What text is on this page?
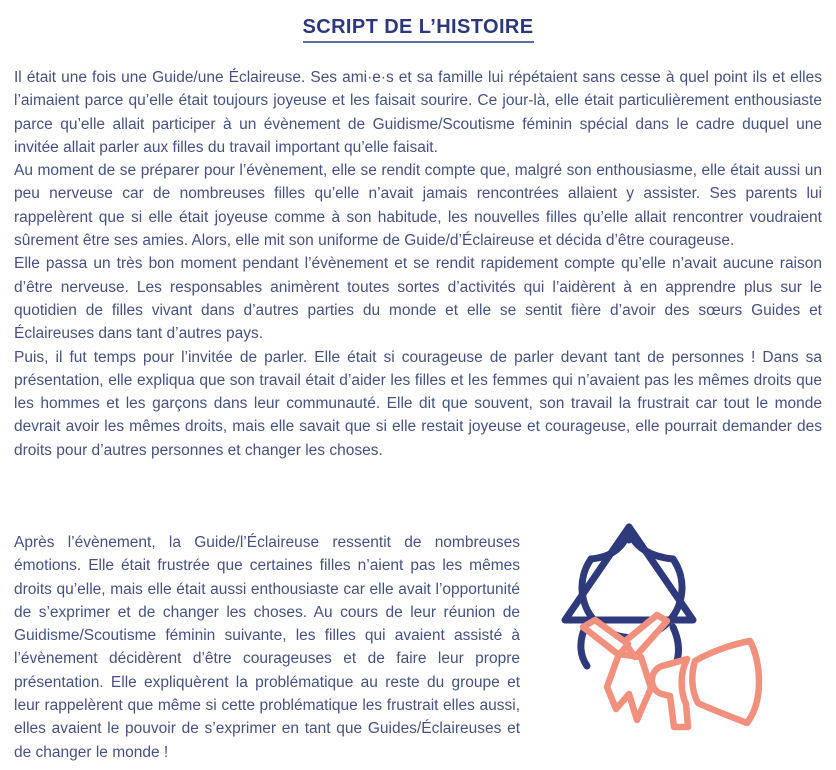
SCRIPT DE L’HISTOIRE

Il était une fois une Guide/une Éclaireuse. Ses ami·e·s et sa famille lui répétaient sans cesse à quel point ils et elles l’aimaient parce qu’elle était toujours joyeuse et les faisait sourire. Ce jour-là, elle était particulièrement enthousiaste parce qu’elle allait participer à un évènement de Guidisme/Scoutisme féminin spécial dans le cadre duquel une invitée allait parler aux filles du travail important qu’elle faisait.

Au moment de se préparer pour l’évènement, elle se rendit compte que, malgré son enthousiasme, elle était aussi un peu nerveuse car de nombreuses filles qu’elle n’avait jamais rencontrées allaient y assister. Ses parents lui rappelèrent que si elle était joyeuse comme à son habitude, les nouvelles filles qu’elle allait rencontrer voudraient sûrement être ses amies. Alors, elle mit son uniforme de Guide/d’Éclaireuse et décida d’être courageuse.

Elle passa un très bon moment pendant l’évènement et se rendit rapidement compte qu’elle n’avait aucune raison d’être nerveuse. Les responsables animèrent toutes sortes d’activités qui l’aidèrent à en apprendre plus sur le quotidien de filles vivant dans d’autres parties du monde et elle se sentit fière d’avoir des sœurs Guides et Éclaireuses dans tant d’autres pays.

Puis, il fut temps pour l’invitée de parler. Elle était si courageuse de parler devant tant de personnes ! Dans sa présentation, elle expliqua que son travail était d’aider les filles et les femmes qui n’avaient pas les mêmes droits que les hommes et les garçons dans leur communauté. Elle dit que souvent, son travail la frustrait car tout le monde devrait avoir les mêmes droits, mais elle savait que si elle restait joyeuse et courageuse, elle pourrait demander des droits pour d’autres personnes et changer les choses.

Après l’évènement, la Guide/l’Éclaireuse ressentit de nombreuses émotions. Elle était frustrée que certaines filles n’aient pas les mêmes droits qu’elle, mais elle était aussi enthousiaste car elle avait l’opportunité de s’exprimer et de changer les choses. Au cours de leur réunion de Guidisme/Scoutisme féminin suivante, les filles qui avaient assisté à l’évènement décidèrent d’être courageuses et de faire leur propre présentation. Elle expliquèrent la problématique au reste du groupe et leur rappelèrent que même si cette problématique les frustrait elles aussi, elles avaient le pouvoir de s’exprimer en tant que Guides/Éclaireuses et de changer le monde !
